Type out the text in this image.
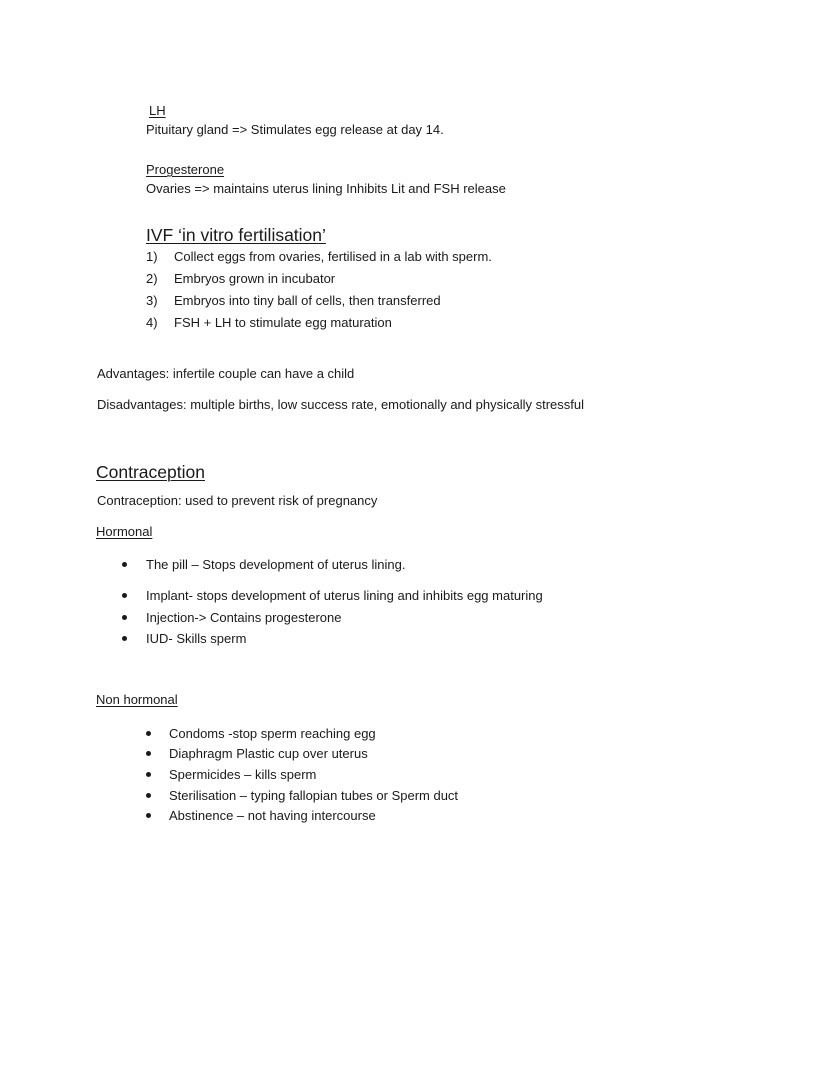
LH
Pituitary gland => Stimulates egg release at day 14.
Progesterone
Ovaries => maintains uterus lining Inhibits Lit and FSH release
IVF ‘in vitro fertilisation’
1)	Collect eggs from ovaries, fertilised in a lab with sperm.
2)	Embryos grown in incubator
3)	Embryos into tiny ball of cells, then transferred
4)	FSH + LH to stimulate egg maturation
Advantages: infertile couple can have a child
Disadvantages: multiple births, low success rate, emotionally and physically stressful
Contraception
Contraception: used to prevent risk of pregnancy
Hormonal
The pill – Stops development of uterus lining.
Implant- stops development of uterus lining and inhibits egg maturing
Injection-> Contains progesterone
IUD- Skills sperm
Non hormonal
Condoms -stop sperm reaching egg
Diaphragm Plastic cup over uterus
Spermicides – kills sperm
Sterilisation – typing fallopian tubes or Sperm duct
Abstinence – not having intercourse
